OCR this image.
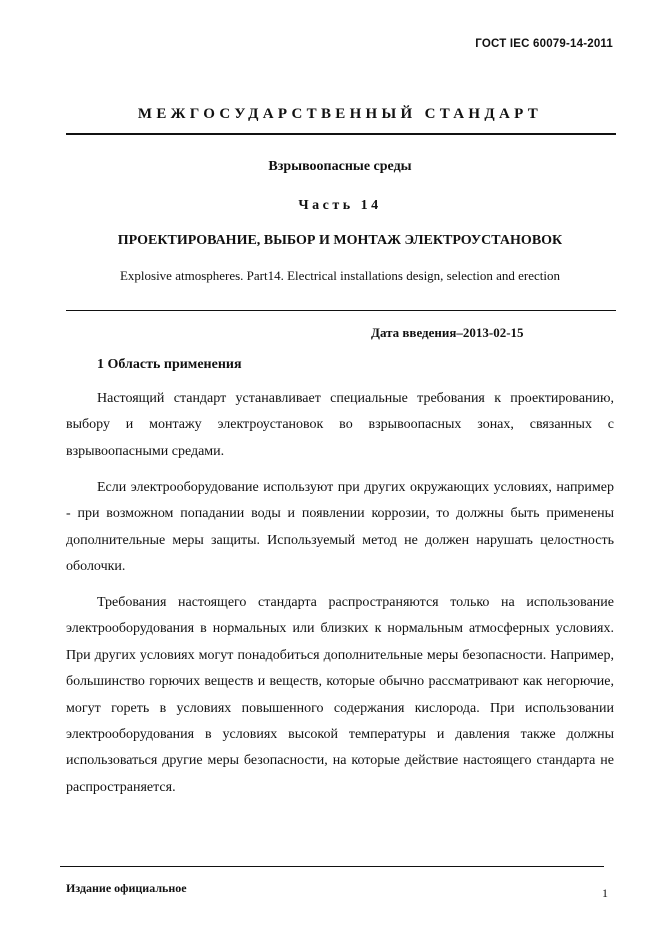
ГОСТ IEC 60079-14-2011
МЕЖГОСУДАРСТВЕННЫЙ СТАНДАРТ
Взрывоопасные среды
Часть 14
ПРОЕКТИРОВАНИЕ, ВЫБОР И МОНТАЖ ЭЛЕКТРОУСТАНОВОК
Explosive atmospheres. Part14. Electrical installations design, selection and erection
Дата введения–2013-02-15
1 Область применения

Настоящий стандарт устанавливает специальные требования к проектированию, выбору и монтажу электроустановок во взрывоопасных зонах, связанных с взрывоопасными средами.

Если электрооборудование используют при других окружающих условиях, например - при возможном попадании воды и появлении коррозии, то должны быть применены дополнительные меры защиты. Используемый метод не должен нарушать целостность оболочки.

Требования настоящего стандарта распространяются только на использование электрооборудования в нормальных или близких к нормальным атмосферных условиях. При других условиях могут понадобиться дополнительные меры безопасности. Например, большинство горючих веществ и веществ, которые обычно рассматривают как негорючие, могут гореть в условиях повышенного содержания кислорода. При использовании электрооборудования в условиях высокой температуры и давления также должны использоваться другие меры безопасности, на которые действие настоящего стандарта не распространяется.

Издание официальное	1
